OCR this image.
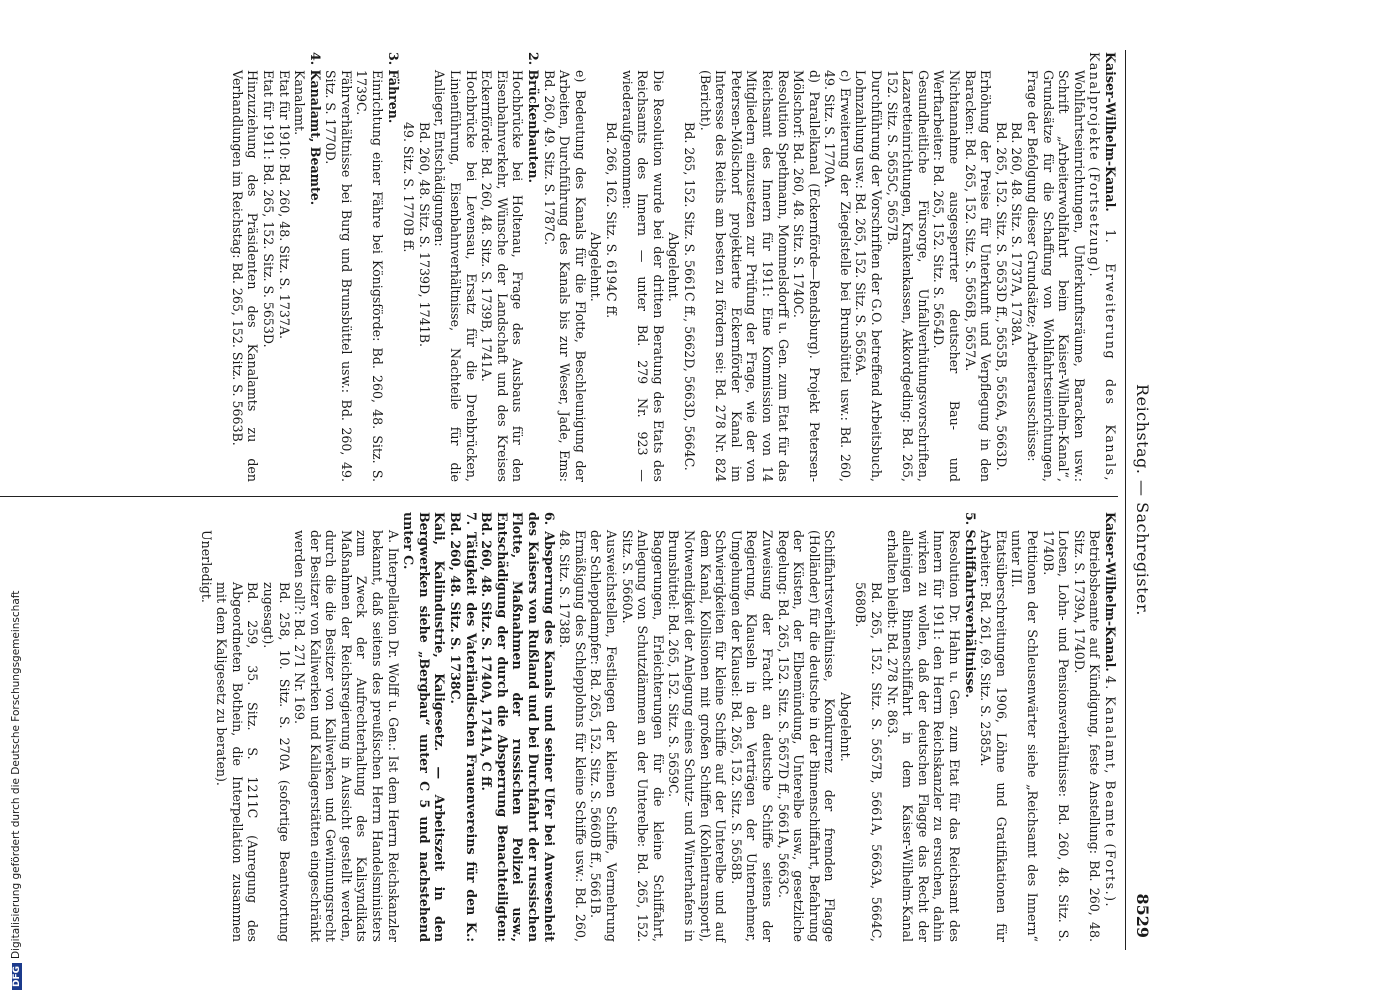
Reichstag. — Sachregister.
8529

Kaiser-Wilhelm-Kanal. 1. Erweiterung des Kanals, Kanalprojekte (Fortsetzung).

Wohlfahrtseinrichtungen, Unterkunftsräume, Baracken usw.: Schrift „Arbeiterwohlfahrt beim Kaiser-Wilhelm-Kanal“, Grundsätze für die Schaffung von Wohlfahrtseinrichtungen, Frage der Befolgung dieser Grundsätze; Arbeiterausschüsse:

Bd. 260, 48. Sitz. S. 1737A, 1738A.

Bd. 265, 152. Sitz. S. 5653D ff., 5655B, 5656A, 5663D.

Erhöhung der Preise für Unterkunft und Verpflegung in den Baracken: Bd. 265, 152. Sitz. S. 5656B, 5657A.

Nichtannahme ausgesperrter deutscher Bau- und Werftarbeiter: Bd. 265, 152. Sitz. S. 5654D.

Gesundheitliche Fürsorge, Unfallverhütungsvorschriften, Lazaretteinrichtungen, Krankenkassen, Akkordgeding: Bd. 265, 152. Sitz. S. 5655C, 5657B.

Durchführung der Vorschriften der G.O. betreffend Arbeitsbuch, Lohnzahlung usw.: Bd. 265, 152. Sitz. S. 5656A.

c) Erweiterung der Ziegelstelle bei Brunsbüttel usw.: Bd. 260, 49. Sitz. S. 1770A.

d) Parallelkanal (Eckernförde—Rendsburg). Projekt Petersen-Mölschorf: Bd. 260, 48. Sitz. S. 1740C.

Resolution Spethmann, Mommelsdorff u. Gen. zum Etat für das Reichsamt des Innern für 1911: Eine Kommission von 14 Mitgliedern einzusetzen zur Prüfung der Frage, wie der von Petersen-Mölschorf projektierte Eckernförder Kanal im Interesse des Reichs am besten zu fördern sei: Bd. 278 Nr. 824 (Bericht).

Bd. 265, 152. Sitz. S. 5661C ff., 5662D, 5663D, 5664C.

Abgelehnt.

Die Resolution wurde bei der dritten Beratung des Etats des Reichsamts des Innern — unter Bd. 279 Nr. 923 — wiederaufgenommen:

Bd. 266, 162. Sitz. S. 6194C ff.

Abgelehnt.

e) Bedeutung des Kanals für die Flotte, Beschleunigung der Arbeiten, Durchführung des Kanals bis zur Weser, Jade, Ems: Bd. 260, 49. Sitz. S. 1787C.

2. Brückenbauten.

Hochbrücke bei Holtenau, Frage des Ausbaus für den Eisenbahnverkehr, Wünsche der Landschaft und des Kreises Eckernförde: Bd. 260, 48. Sitz. S. 1739B, 1741A.

Hochbrücke bei Levensau, Ersatz für die Drehbrücken, Linienführung, Eisenbahnverhältnisse, Nachteile für die Anlieger, Entschädigungen:

Bd. 260, 48. Sitz. S. 1739D, 1741B.

49. Sitz. S. 1770B ff.

3. Fähren.

Einrichtung einer Fähre bei Königsförde: Bd. 260, 48. Sitz. S. 1739C.

Fährverhältnisse bei Burg und Brunsbüttel usw.: Bd. 260, 49. Sitz. S. 1770D.

4. Kanalamt, Beamte.

Kanalamt.

Etat für 1910: Bd. 260, 48. Sitz. S. 1737A.

Etat für 1911: Bd. 265, 152. Sitz. S. 5653D.

Hinzuziehung des Präsidenten des Kanalamts zu den Verhandlungen im Reichstag: Bd. 265, 152. Sitz. S. 5663B.

Kaiser-Wilhelm-Kanal. 4. Kanalamt, Beamte (Forts.).

Betriebsbeamte auf Kündigung, feste Anstellung: Bd. 260, 48. Sitz. S. 1739A, 1740D.

Lotsen, Lohn- und Pensionsverhältnisse: Bd. 260, 48. Sitz. S. 1740B.

Petitionen der Schleusenwärter siehe „Reichsamt des Innern“ unter III.

Etatsüberschreitungen 1906, Löhne und Gratifikationen für Arbeiter: Bd. 261, 69. Sitz. S. 2585A.

5. Schiffahrtsverhältnisse.

Resolution Dr. Hahn u. Gen. zum Etat für das Reichsamt des Innern für 1911: den Herrn Reichskanzler zu ersuchen, dahin wirken zu wollen, daß der deutschen Flagge das Recht der alleinigen Binnenschiffahrt in dem Kaiser-Wilhelm-Kanal erhalten bleibt: Bd. 278 Nr. 863.

Bd. 265, 152. Sitz. S. 5657B, 5661A, 5663A, 5664C, 5680B.

Abgelehnt.

Schiffahrtsverhältnisse, Konkurrenz der fremden Flagge (Holländer) für die deutsche in der Binnenschiffahrt, Befahrung der Küsten, der Elbemündung, Unterelbe usw., gesetzliche Regelung: Bd. 265, 152. Sitz. S. 5657D ff., 5661A, 5663C.

Zuweisung der Fracht an deutsche Schiffe seitens der Regierung, Klauseln in den Verträgen der Unternehmer, Umgehungen der Klausel: Bd. 265, 152. Sitz. S. 5658B.

Schwierigkeiten für kleine Schiffe auf der Unterelbe und auf dem Kanal, Kollisionen mit großen Schiffen (Kohlentransport), Notwendigkeit der Anlegung eines Schutz- und Winterhafens in Brunsbüttel: Bd. 265, 152. Sitz. S. 5659C.

Baggerungen, Erleichterungen für die kleine Schiffahrt, Anlegung von Schutzdämmen an der Unterelbe: Bd. 265, 152. Sitz. S. 5660A.

Ausweichstellen, Festliegen der kleinen Schiffe, Vermehrung der Schleppdampfer: Bd. 265, 152. Sitz. S. 5660B ff., 5661B.

Ermäßigung des Schlepplohns für kleine Schiffe usw.: Bd. 260, 48. Sitz. S. 1738B.

6. Absperrung des Kanals und seiner Ufer bei Anwesenheit des Kaisers von Rußland und bei Durchfahrt der russischen Flotte, Maßnahmen der russischen Polizei usw., Entschädigung der durch die Absperrung Benachteiligten: Bd. 260, 48. Sitz. S. 1740A, 1741A, C ff.

7. Tätigkeit des Vaterländischen Frauenvereins für den K.: Bd. 260, 48. Sitz. S. 1738C.

Kali, Kaliindustrie, Kaligesetz. — Arbeitszeit in den Bergwerken siehe „Bergbau“ unter C 5 und nachstehend unter C.

A. Interpellation Dr. Wolff u. Gen.: Ist dem Herrn Reichskanzler bekannt, daß seitens des preußischen Herrn Handelsministers zum Zweck der Aufrechterhaltung des Kalisyndikats Maßnahmen der Reichsregierung in Aussicht gestellt werden, durch die die Besitzer von Kaliwerken und Gewinnungsrecht der Besitzer von Kaliwerken und Kalilagerstätten eingeschränkt werden soll?: Bd. 271 Nr. 169.

Bd. 258, 10. Sitz. S. 270A (sofortige Beantwortung zugesagt).

Bd. 259, 35. Sitz. S. 1211C (Anregung des Abgeordneten Bothein, die Interpellation zusammen mit dem Kaligesetz zu beraten).

Unerledigt.

DFGDigitalisierung gefördert durch die Deutsche Forschungsgemeinschaft
